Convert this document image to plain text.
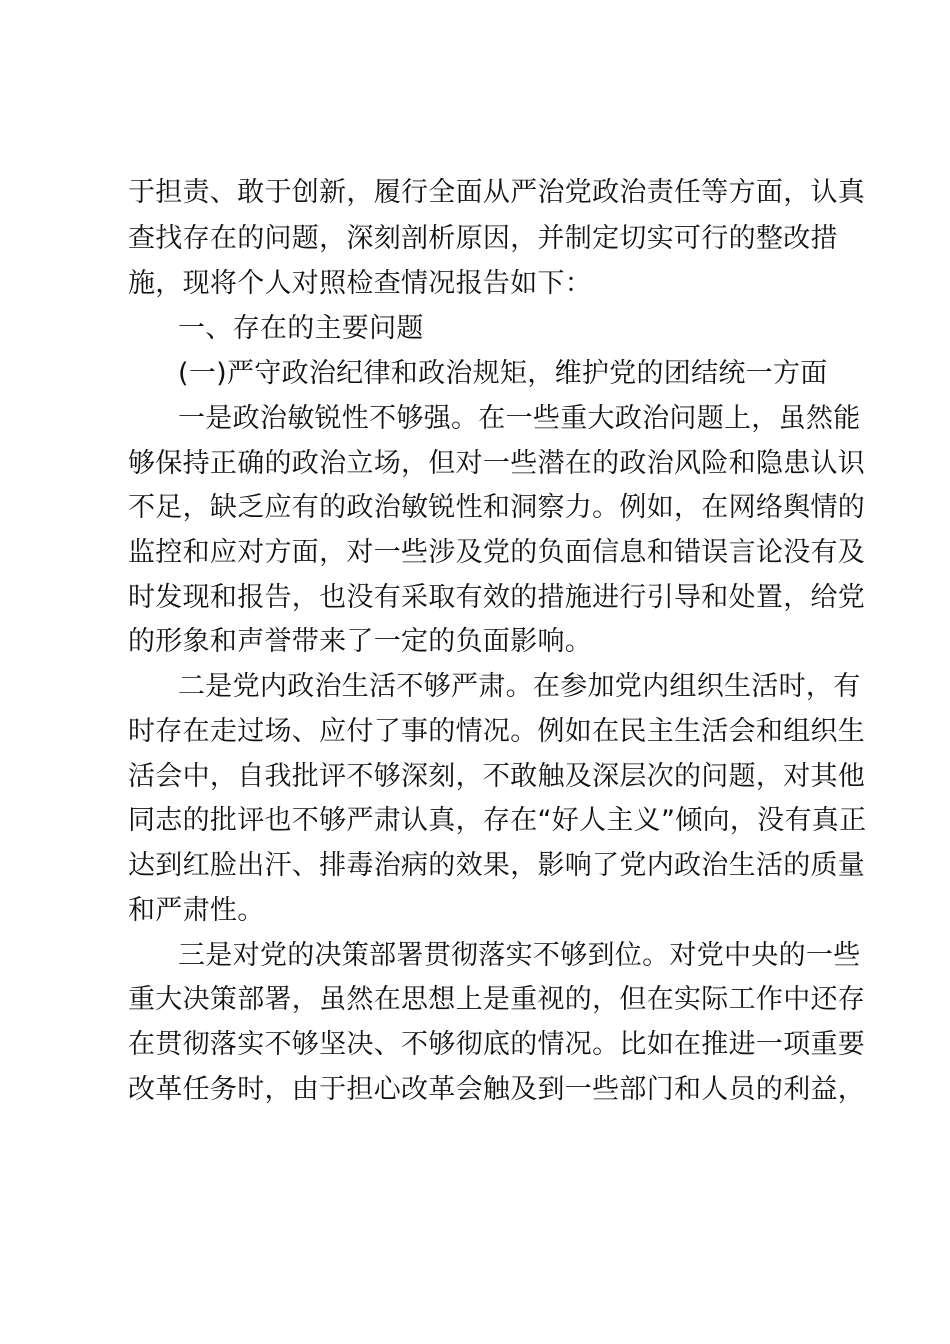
于担责、敢于创新，履行全面从严治党政治责任等方面，认真
查找存在的问题，深刻剖析原因，并制定切实可行的整改措
施，现将个人对照检查情况报告如下：
一、存在的主要问题
(一)严守政治纪律和政治规矩，维护党的团结统一方面
一是政治敏锐性不够强。在一些重大政治问题上，虽然能
够保持正确的政治立场，但对一些潜在的政治风险和隐患认识
不足，缺乏应有的政治敏锐性和洞察力。例如，在网络舆情的
监控和应对方面，对一些涉及党的负面信息和错误言论没有及
时发现和报告，也没有采取有效的措施进行引导和处置，给党
的形象和声誉带来了一定的负面影响。
二是党内政治生活不够严肃。在参加党内组织生活时，有
时存在走过场、应付了事的情况。例如在民主生活会和组织生
活会中，自我批评不够深刻，不敢触及深层次的问题，对其他
同志的批评也不够严肃认真，存在“好人主义”倾向，没有真正
达到红脸出汗、排毒治病的效果，影响了党内政治生活的质量
和严肃性。
三是对党的决策部署贯彻落实不够到位。对党中央的一些
重大决策部署，虽然在思想上是重视的，但在实际工作中还存
在贯彻落实不够坚决、不够彻底的情况。比如在推进一项重要
改革任务时，由于担心改革会触及到一些部门和人员的利益，
